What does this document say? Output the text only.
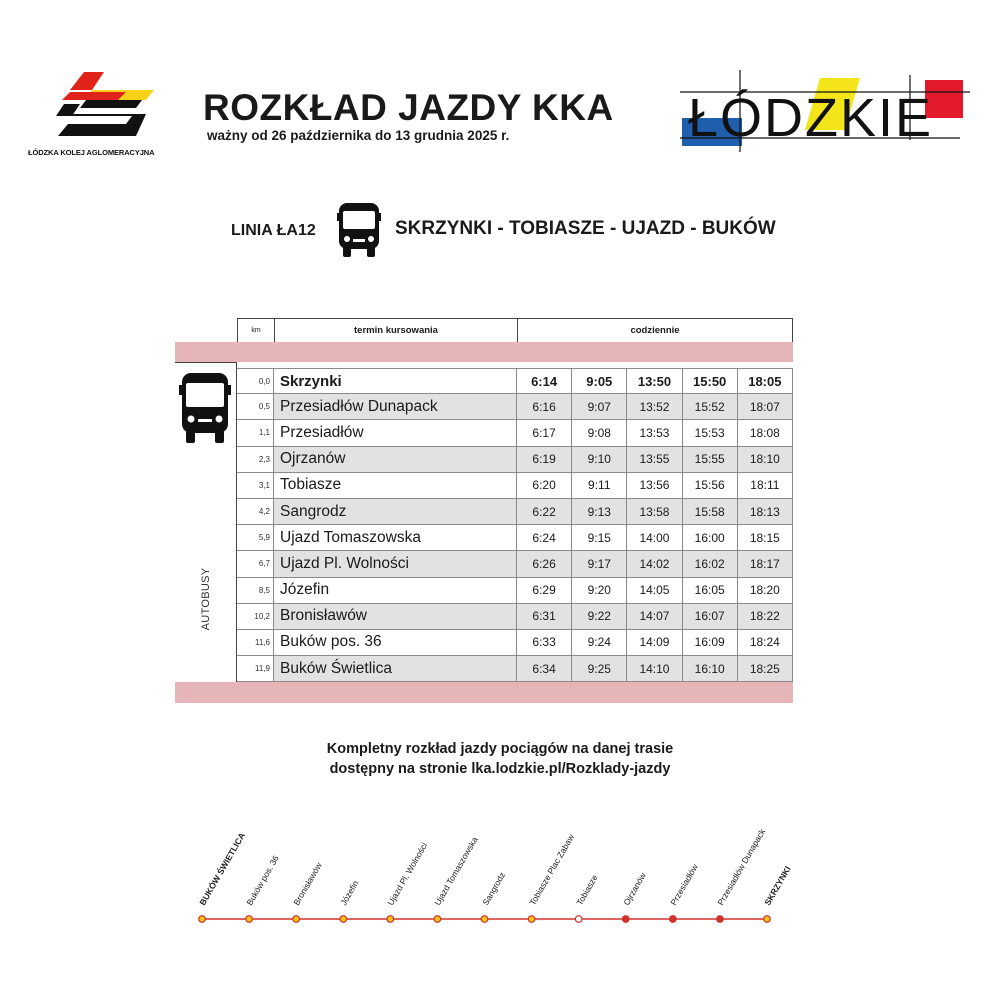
ŁÓDZKA KOLEJ AGLOMERACYJNA
ROZKŁAD JAZDY KKA
ważny od 26 października do 13 grudnia 2025 r.	ŁÓDZKIE
LINIA ŁA12	SKRZYNKI - TOBIASZE - UJAZD - BUKÓW
km	termin kursowania	codziennie
AUTOBUSY
0,0 Skrzynki	6:14	9:05	13:50	15:50	18:05
0,5 Przesiadłów Dunapack	6:16	9:07	13:52	15:52	18:07
1,1 Przesiadłów	6:17	9:08	13:53	15:53	18:08
2,3 Ojrzanów	6:19	9:10	13:55	15:55	18:10
3,1 Tobiasze	6:20	9:11	13:56	15:56	18:11
4,2 Sangrodz	6:22	9:13	13:58	15:58	18:13
5,9 Ujazd Tomaszowska	6:24	9:15	14:00	16:00	18:15
6,7 Ujazd Pl. Wolności	6:26	9:17	14:02	16:02	18:17
8,5 Józefin	6:29	9:20	14:05	16:05	18:20
10,2 Bronisławów	6:31	9:22	14:07	16:07	18:22
11,6 Buków pos. 36	6:33	9:24	14:09	16:09	18:24
11,9 Buków Świetlica	6:34	9:25	14:10	16:10	18:25
Kompletny rozkład jazdy pociągów na danej trasie
dostępny na stronie lka.lodzkie.pl/Rozklady-jazdy
BUKÓW ŚWIETLICA
Buków pos. 36 Bronisławów Józefin	Ujazd Pl. Wolności Ujazd Tomaszowska Sangrodz Tobiasze Plac Zabaw
Tobiasze	Ojrzanów Przesiadłów Przesiadłów Dunapack
SKRZYNKI
